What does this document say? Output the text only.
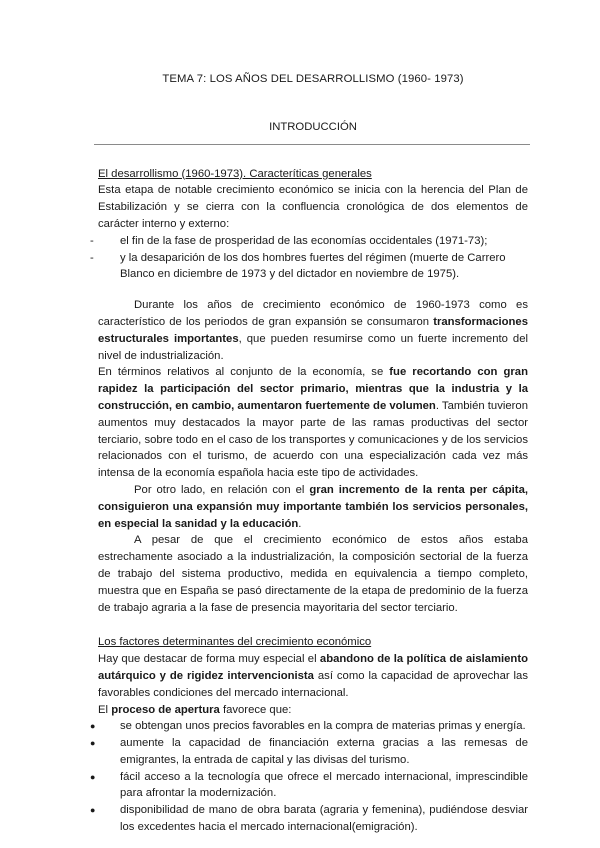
TEMA 7: LOS AÑOS DEL DESARROLLISMO (1960- 1973)

INTRODUCCIÓN

El desarrollismo (1960-1973). Caracteríticas generales

Esta etapa de notable crecimiento económico se inicia con la herencia del Plan de Estabilización y se cierra con la confluencia cronológica de dos elementos de carácter interno y externo:

- el fin de la fase de prosperidad de las economías occidentales (1971-73);
- y la desaparición de los dos hombres fuertes del régimen (muerte de Carrero Blanco en diciembre de 1973 y del dictador en noviembre de 1975).

Durante los años de crecimiento económico de 1960-1973 como es característico de los periodos de gran expansión se consumaron transformaciones estructurales importantes, que pueden resumirse como un fuerte incremento del nivel de industrialización.

En términos relativos al conjunto de la economía, se fue recortando con gran rapidez la participación del sector primario, mientras que la industria y la construcción, en cambio, aumentaron fuertemente de volumen. También tuvieron aumentos muy destacados la mayor parte de las ramas productivas del sector terciario, sobre todo en el caso de los transportes y comunicaciones y de los servicios relacionados con el turismo, de acuerdo con una especialización cada vez más intensa de la economía española hacia este tipo de actividades.

Por otro lado, en relación con el gran incremento de la renta per cápita, consiguieron una expansión muy importante también los servicios personales, en especial la sanidad y la educación.

A pesar de que el crecimiento económico de estos años estaba estrechamente asociado a la industrialización, la composición sectorial de la fuerza de trabajo del sistema productivo, medida en equivalencia a tiempo completo, muestra que en España se pasó directamente de la etapa de predominio de la fuerza de trabajo agraria a la fase de presencia mayoritaria del sector terciario.

Los factores determinantes del crecimiento económico

Hay que destacar de forma muy especial el abandono de la política de aislamiento autárquico y de rigidez intervencionista así como la capacidad de aprovechar las favorables condiciones del mercado internacional.

El proceso de apertura favorece que:

● se obtengan unos precios favorables en la compra de materias primas y energía.
● aumente la capacidad de financiación externa gracias a las remesas de emigrantes, la entrada de capital y las divisas del turismo.
● fácil acceso a la tecnología que ofrece el mercado internacional, imprescindible para afrontar la modernización.
● disponibilidad de mano de obra barata (agraria y femenina), pudiéndose desviar los excedentes hacia el mercado internacional(emigración).
